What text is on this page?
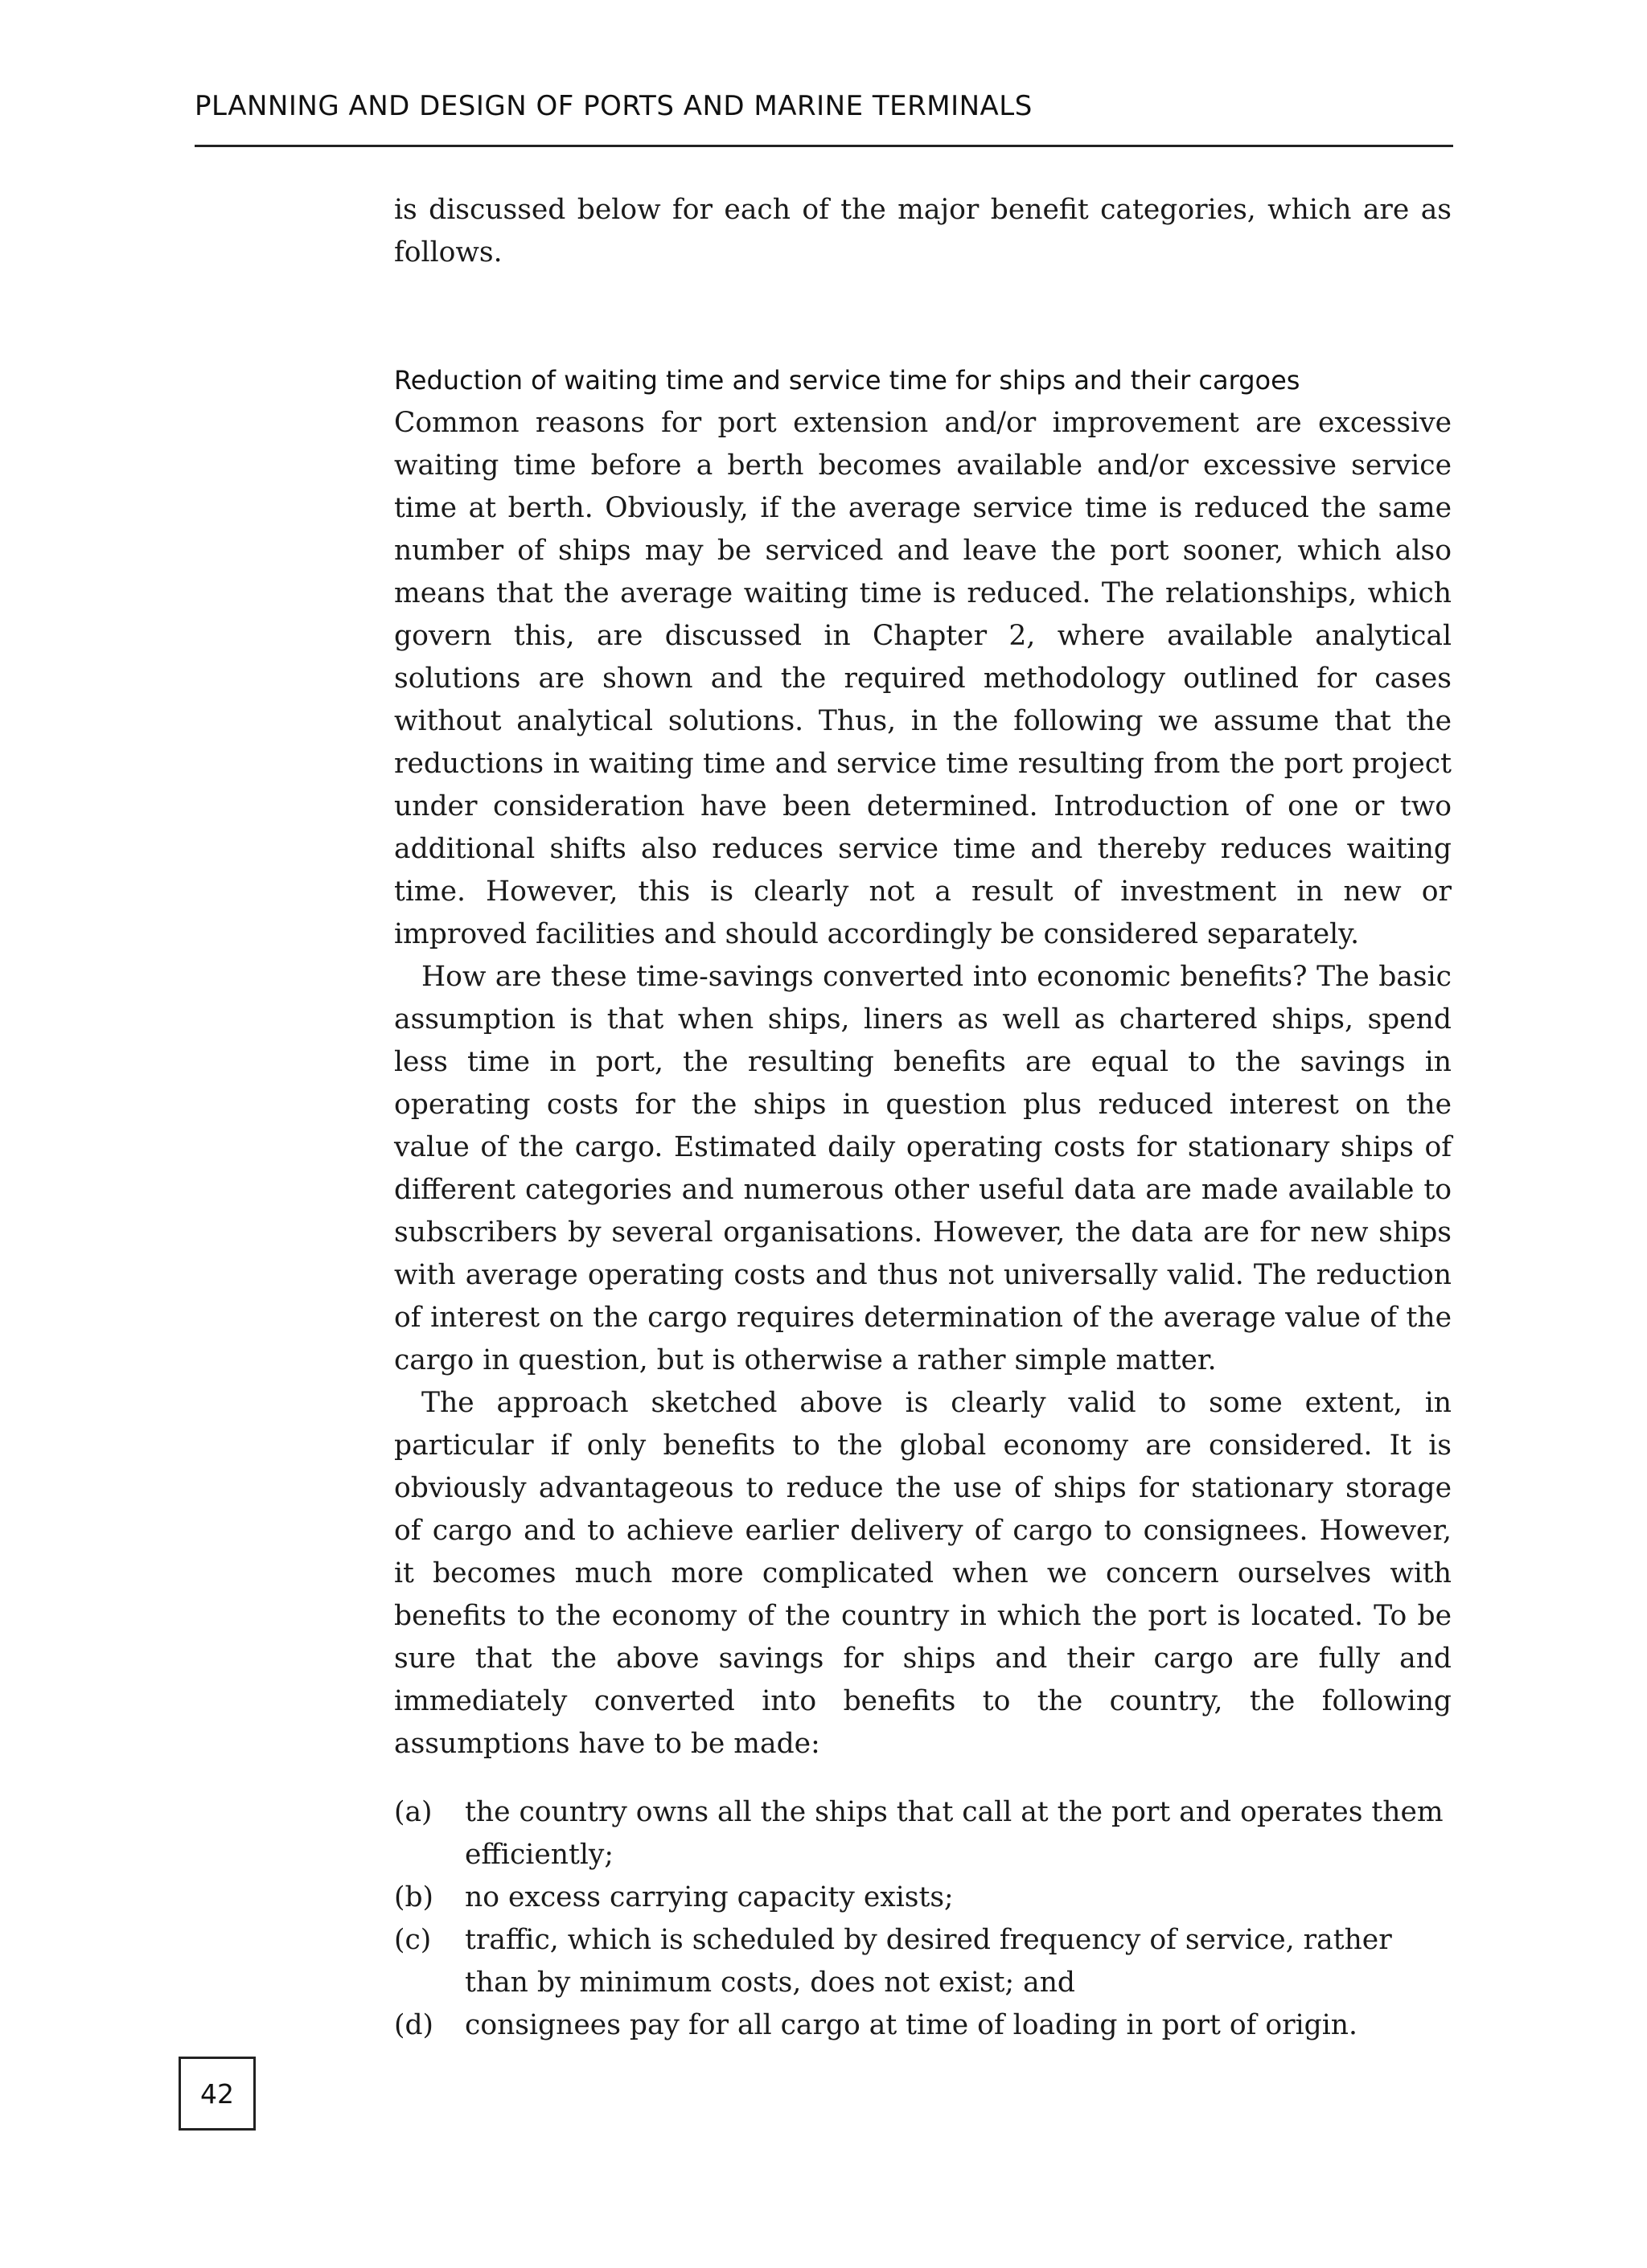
PLANNING AND DESIGN OF PORTS AND MARINE TERMINALS

is discussed below for each of the major benefit categories, which are as follows.

Reduction of waiting time and service time for ships and their cargoes

Common reasons for port extension and/or improvement are excessive waiting time before a berth becomes available and/or excessive service time at berth. Obviously, if the average service time is reduced the same number of ships may be serviced and leave the port sooner, which also means that the average waiting time is reduced. The relationships, which govern this, are discussed in Chapter 2, where available analytical solutions are shown and the required methodology outlined for cases without analytical solutions. Thus, in the following we assume that the reductions in waiting time and service time resulting from the port project under consideration have been determined. Introduction of one or two additional shifts also reduces service time and thereby reduces waiting time. However, this is clearly not a result of investment in new or improved facilities and should accordingly be considered separately.

How are these time-savings converted into economic benefits? The basic assumption is that when ships, liners as well as chartered ships, spend less time in port, the resulting benefits are equal to the savings in operating costs for the ships in question plus reduced interest on the value of the cargo. Estimated daily operating costs for stationary ships of different categories and numerous other useful data are made available to subscribers by several organisations. However, the data are for new ships with average operating costs and thus not universally valid. The reduction of interest on the cargo requires determination of the average value of the cargo in question, but is otherwise a rather simple matter.

The approach sketched above is clearly valid to some extent, in particular if only benefits to the global economy are considered. It is obviously advantageous to reduce the use of ships for stationary storage of cargo and to achieve earlier delivery of cargo to consignees. However, it becomes much more complicated when we concern ourselves with benefits to the economy of the country in which the port is located. To be sure that the above savings for ships and their cargo are fully and immediately converted into benefits to the country, the following assumptions have to be made:

(a)	the country owns all the ships that call at the port and operates them efficiently;
(b)	no excess carrying capacity exists;
(c)	traffic, which is scheduled by desired frequency of service, rather than by minimum costs, does not exist; and
(d)	consignees pay for all cargo at time of loading in port of origin.
42
